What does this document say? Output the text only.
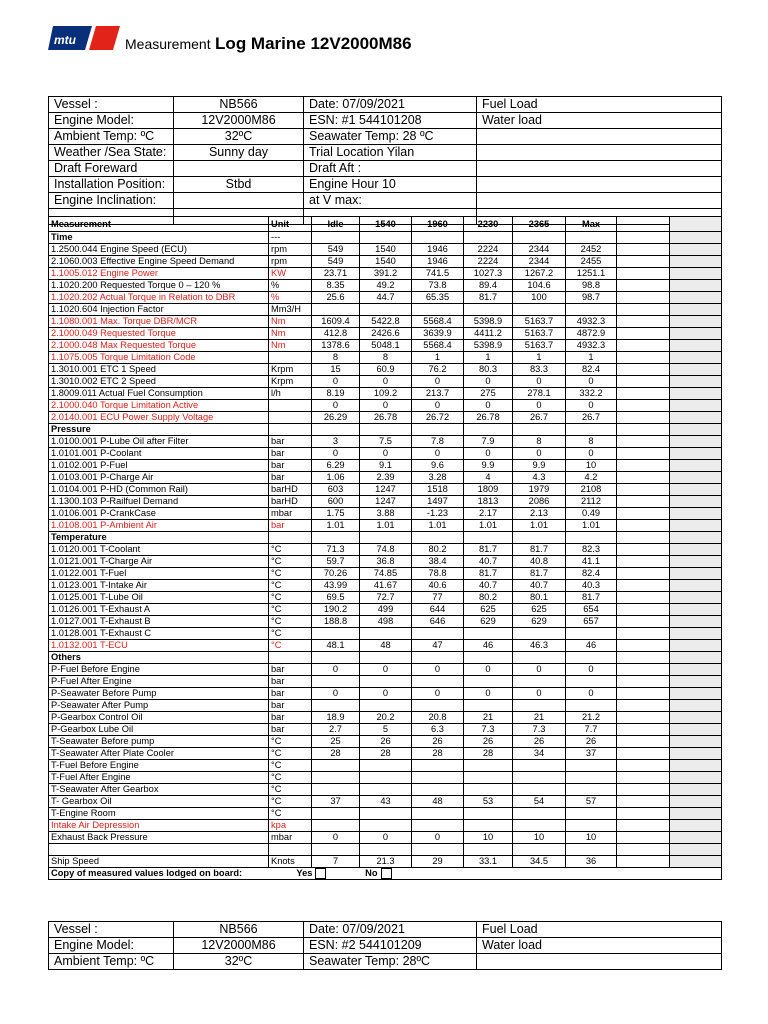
mtu	Measurement Log Marine 12V2000M86
Vessel :	NB566	Date: 07/09/2021	Fuel Load
Engine Model:	12V2000M86	ESN: #1 544101208	Water load
Ambient Temp: ºC	32ºC	Seawater Temp: 28 ºC	
Weather /Sea State:	Sunny day	Trial Location Yilan	
Draft Foreward		Draft Aft :	
Installation Position:	Stbd	Engine Hour 10	
Engine Inclination:		at V max:	

Measurement	Unit	Idle	1540	1960	2230	2365	Max		
Time	---								
1.2500.044 Engine Speed (ECU)	rpm	549	1540	1946	2224	2344	2452		
2.1060.003 Effective Engine Speed Demand	rpm	549	1540	1946	2224	2344	2455		
1.1005.012 Engine Power	KW	23.71	391.2	741.5	1027.3	1267.2	1251.1		
1.1020.200 Requested Torque 0 – 120 %	%	8.35	49.2	73.8	89.4	104.6	98.8		
1.1020.202 Actual Torque in Relation to DBR	%	25.6	44.7	65.35	81.7	100	98.7		
1.1020.604 Injection Factor	Mm3/H								
1.1080.001 Max. Torque DBR/MCR	Nm	1609.4	5422.8	5568.4	5398.9	5163.7	4932.3		
2.1000.049 Requested Torque	Nm	412.8	2426.6	3639.9	4411.2	5163.7	4872.9		
2.1000.048 Max Requested Torque	Nm	1378.6	5048.1	5568.4	5398.9	5163.7	4932.3		
1.1075.005 Torque Limitation Code		8	8	1	1	1	1		
1.3010.001 ETC 1 Speed	Krpm	15	60.9	76.2	80.3	83.3	82.4		
1.3010.002 ETC 2 Speed	Krpm	0	0	0	0	0	0		
1.8009.011 Actual Fuel Consumption	l/h	8.19	109.2	213.7	275	278.1	332.2		
2.1000.040 Torque Limitation Active		0	0	0	0	0	0		
2.0140.001 ECU Power Supply Voltage		26.29	26.78	26.72	26.78	26.7	26.7		
Pressure									
1.0100.001 P-Lube Oil after Filter	bar	3	7.5	7.8	7.9	8	8		
1.0101.001 P-Coolant	bar	0	0	0	0	0	0		
1.0102.001 P-Fuel	bar	6.29	9.1	9.6	9.9	9.9	10		
1.0103.001 P-Charge Air	bar	1.06	2.39	3.28	4	4.3	4.2		
1.0104.001 P-HD (Common Rail)	barHD	603	1247	1518	1809	1979	2108		
1.1300.103 P-Railfuel Demand	barHD	600	1247	1497	1813	2086	2112		
1.0106.001 P-CrankCase	mbar	1.75	3.88	-1.23	2.17	2.13	0.49		
1.0108.001 P-Ambient Air	bar	1.01	1.01	1.01	1.01	1.01	1.01		
Temperature									
1.0120.001 T-Coolant	°C	71.3	74.8	80.2	81.7	81.7	82.3		
1.0121.001 T-Charge Air	°C	59.7	36.8	38.4	40.7	40.8	41.1		
1.0122.001 T-Fuel	°C	70.26	74.85	78.8	81.7	81.7	82.4		
1.0123.001 T-Intake Air	°C	43.99	41.67	40.6	40.7	40.7	40.3		
1.0125.001 T-Lube Oil	°C	69.5	72.7	77	80.2	80.1	81.7		
1.0126.001 T-Exhaust A	°C	190.2	499	644	625	625	654		
1.0127.001 T-Exhaust B	°C	188.8	498	646	629	629	657		
1.0128.001 T-Exhaust C	°C								
1.0132.001 T-ECU	°C	48.1	48	47	46	46.3	46		
Others									
P-Fuel Before Engine	bar	0	0	0	0	0	0		
P-Fuel After Engine	bar								
P-Seawater Before Pump	bar	0	0	0	0	0	0		
P-Seawater After Pump	bar								
P-Gearbox Control Oil	bar	18.9	20.2	20.8	21	21	21.2		
P-Gearbox Lube Oil	bar	2.7	5	6.3	7.3	7.3	7.7		
T-Seawater Before pump	°C	25	26	26	26	26	26		
T-Seawater After Plate Cooler	°C	28	28	28	28	34	37		
T-Fuel Before Engine	°C								
T-Fuel After Engine	°C								
T-Seawater After Gearbox	°C								
T- Gearbox Oil	°C	37	43	48	53	54	57		
T-Engine Room	°C								
Intake Air Depression	kpa								
Exhaust Back Pressure	mbar	0	0	0	10	10	10		

Ship Speed	Knots	7	21.3	29	33.1	34.5	36		
Copy of measured values lodged on board: Yes No									
Vessel :	NB566	Date: 07/09/2021	Fuel Load
Engine Model:	12V2000M86	ESN: #2 544101209	Water load
Ambient Temp: ºC	32ºC	Seawater Temp: 28ºC	
